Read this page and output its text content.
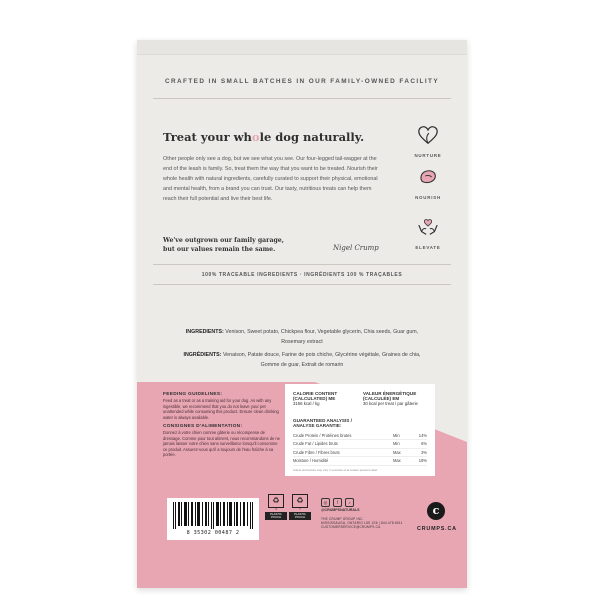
CRAFTED IN SMALL BATCHES IN OUR FAMILY-OWNED FACILITY
Treat your whole dog naturally.
Other people only see a dog, but we see what you see. Our four-legged tail-wagger at the end of the leash is family. So, treat them the way that you want to be treated. Nourish their whole health with natural ingredients, carefully curated to support their physical, emotional and mental health, from a brand you can trust. Our tasty, nutritious treats can help them reach their full potential and live their best life.
We've outgrown our family garage,
but our values remain the same.	Nigel Crump
NURTURE
NOURISH
ELEVATE
100% TRACEABLE INGREDIENTS · INGRÉDIENTS 100 % TRAÇABLES
INGREDIENTS: Venison, Sweet potato, Chickpea flour, Vegetable glycerin, Chia seeds, Guar gum, Rosemary extract
INGRÉDIENTS: Venaison, Patate douce, Farine de pois chiche, Glycérine végétale, Graines de chia, Gomme de guar, Extrait de romarin
FEEDING GUIDELINES:
Feed as a treat or as a training aid for your dog. As with any ingestible, we recommend that you do not leave your pet unattended while consuming this product. Ensure clean drinking water is always available.
CONSIGNES D'ALIMENTATION:
Donnez à votre chien comme gâterie ou récompense de dressage. Comme pour tout aliment, nous recommandons de ne jamais laisser votre chien sans surveillance lorsqu'il consomme ce produit. Assurez-vous qu'il a toujours de l'eau fraîche à sa portée.
CALORIE CONTENT (CALCULATED) ME
3156 kcal / kg
VALEUR ÉNERGÉTIQUE (CALCULÉE) EM
30 kcal per treat / par gâterie
GUARANTEED ANALYSIS /
ANALYSE GARANTIE:
Crude Protein / Protéines brutes	Min	14%
Crude Fat / Lipides bruts	Min	6%
Crude Fibre / Fibres bruts	Max	3%
Moisture / Humidité	Max	18%
Colour and texture may vary / La texture et la couleur peuvent varier
8 35302 00487 2
♻
4
PLASTIC POUCH
♻
7
PLASTIC POUCH
◎	f	♪
@CRUMPSNATURALS
THE CRUMP GROUP INC.
MISSISSAUGA, ONTARIO L5S 1S6 | 844.478.6011
CUSTOMERSERVICE@CRUMPS.CA
c
CRUMPS.CA
